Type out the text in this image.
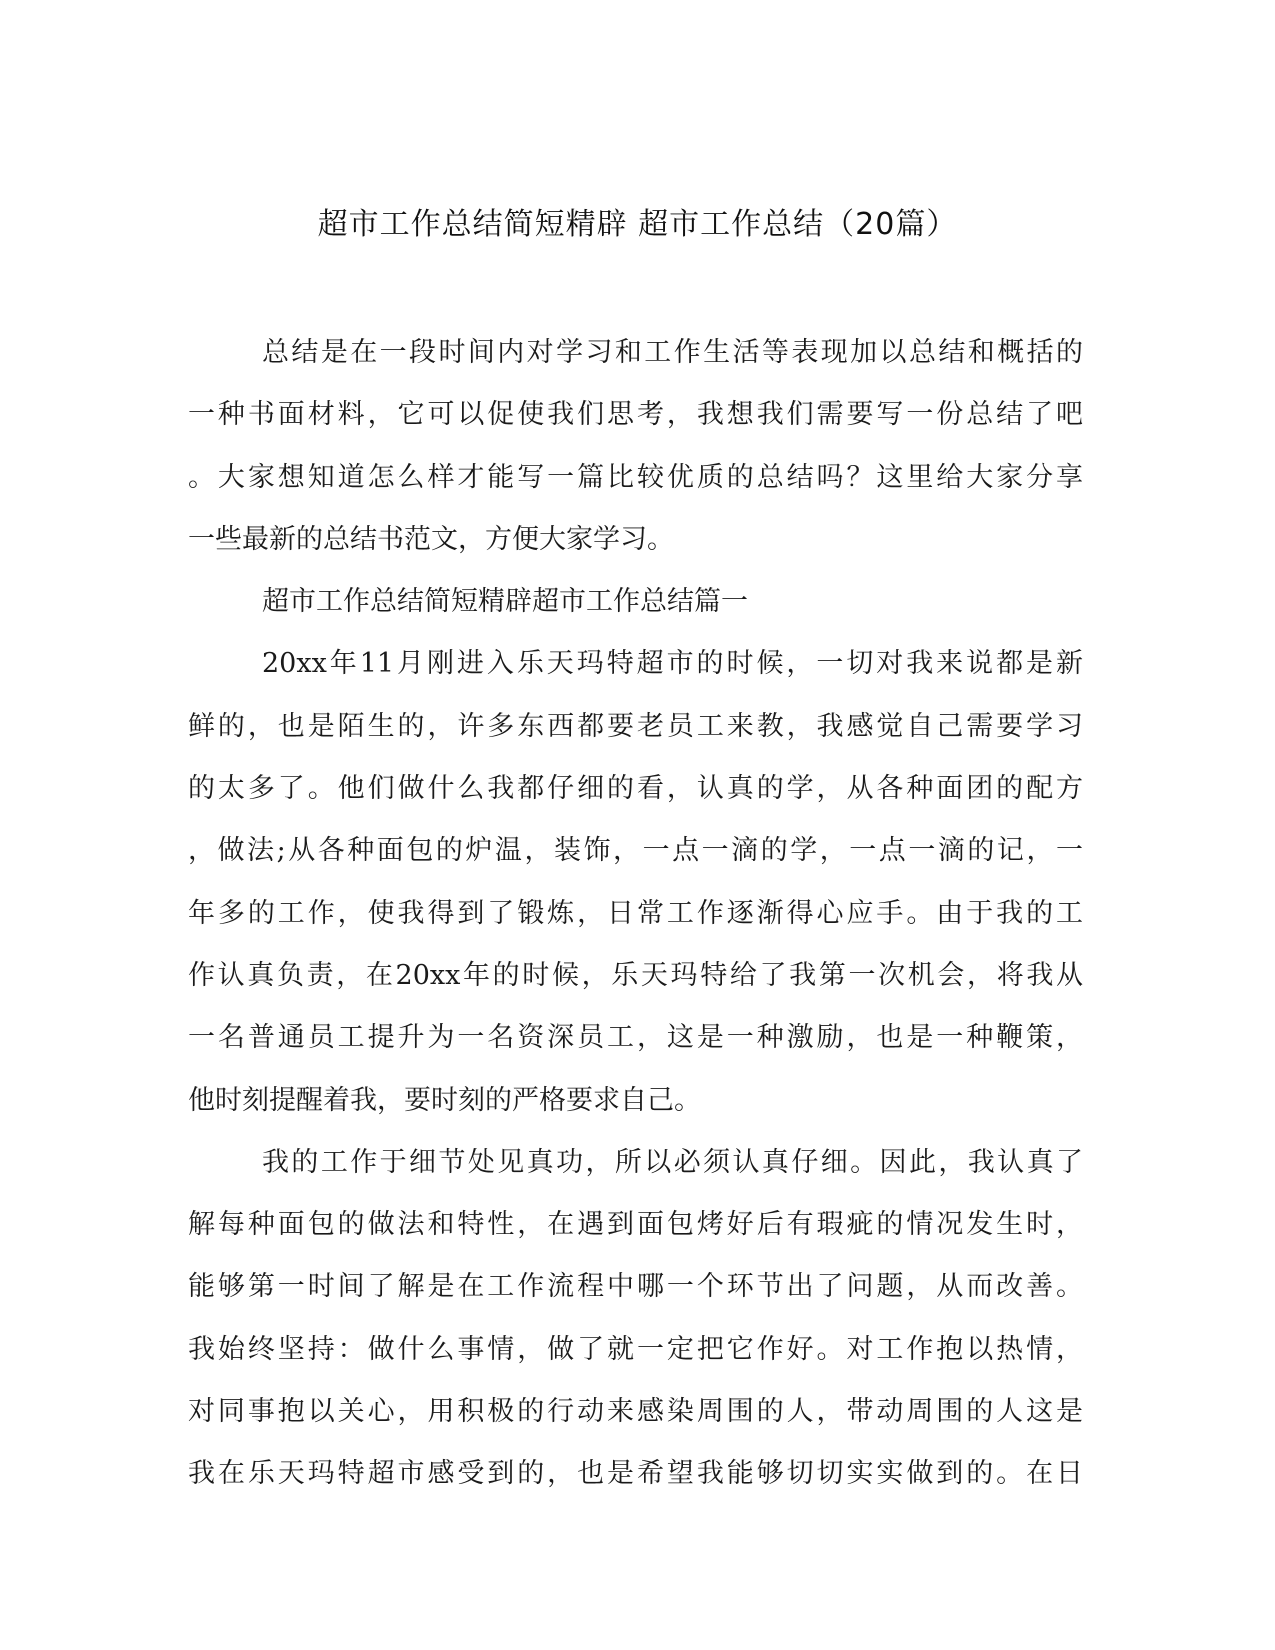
超市工作总结简短精辟 超市工作总结（20篇）
总结是在一段时间内对学习和工作生活等表现加以总结和概括的
一种书面材料，它可以促使我们思考，我想我们需要写一份总结了吧
。大家想知道怎么样才能写一篇比较优质的总结吗？这里给大家分享
一些最新的总结书范文，方便大家学习。
超市工作总结简短精辟超市工作总结篇一
20xx年11月刚进入乐天玛特超市的时候，一切对我来说都是新
鲜的，也是陌生的，许多东西都要老员工来教，我感觉自己需要学习
的太多了。他们做什么我都仔细的看，认真的学，从各种面团的配方
，做法;从各种面包的炉温，装饰，一点一滴的学，一点一滴的记，一
年多的工作，使我得到了锻炼，日常工作逐渐得心应手。由于我的工
作认真负责，在20xx年的时候，乐天玛特给了我第一次机会，将我从
一名普通员工提升为一名资深员工，这是一种激励，也是一种鞭策，
他时刻提醒着我，要时刻的严格要求自己。
我的工作于细节处见真功，所以必须认真仔细。因此，我认真了
解每种面包的做法和特性，在遇到面包烤好后有瑕疵的情况发生时，
能够第一时间了解是在工作流程中哪一个环节出了问题，从而改善。
我始终坚持：做什么事情，做了就一定把它作好。对工作抱以热情，
对同事抱以关心，用积极的行动来感染周围的人，带动周围的人这是
我在乐天玛特超市感受到的，也是希望我能够切切实实做到的。在日
